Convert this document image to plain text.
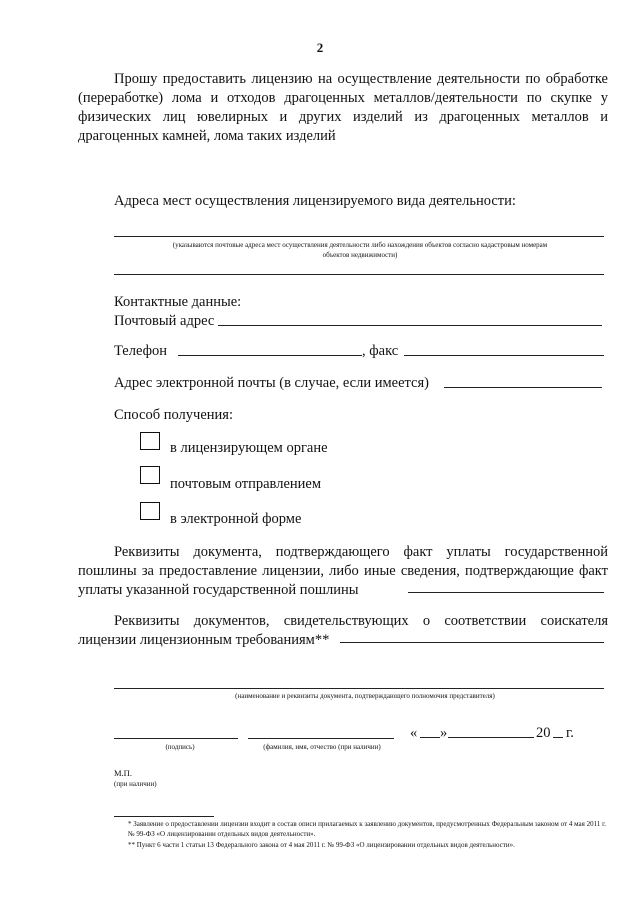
2
Прошу предоставить лицензию на осуществление деятельности по обработке (переработке) лома и отходов драгоценных металлов/деятельности по скупке у физических лиц ювелирных и других изделий из драгоценных металлов и драгоценных камней, лома таких изделий
Адреса мест осуществления лицензируемого вида деятельности:
(указываются почтовые адреса мест осуществления деятельности либо нахождения объектов согласно кадастровым номерам объектов недвижимости)
Контактные данные:
Почтовый адрес
Телефон	, факс
Адрес электронной почты (в случае, если имеется)
Способ получения:
в лицензирующем органе
почтовым отправлением
в электронной форме
Реквизиты документа, подтверждающего факт уплаты государственной пошлины за предоставление лицензии, либо иные сведения, подтверждающие факт уплаты указанной государственной пошлины
Реквизиты документов, свидетельствующих о соответствии соискателя лицензии лицензионным требованиям**
(наименование и реквизиты документа, подтверждающего полномочия представителя)
« »	20 г.
(подпись)	(фамилия, имя, отчество (при наличии)
М.П.
(при наличии)
* Заявление о предоставлении лицензии входит в состав описи прилагаемых к заявлению документов, предусмотренных Федеральным законом от 4 мая 2011 г. № 99-ФЗ «О лицензировании отдельных видов деятельности».
** Пункт 6 части 1 статьи 13 Федерального закона от 4 мая 2011 г. № 99-ФЗ «О лицензировании отдельных видов деятельности».
